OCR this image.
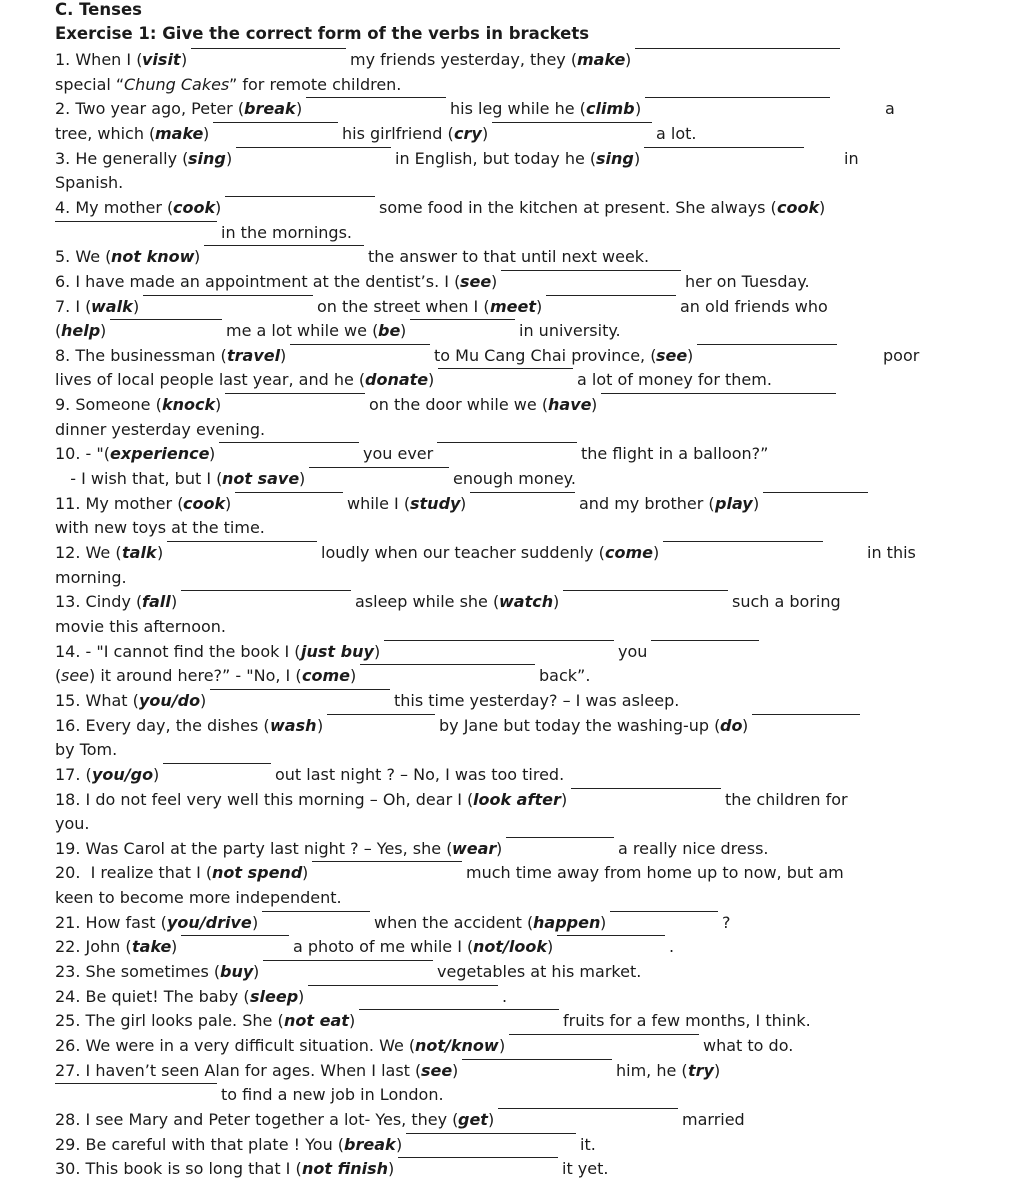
C. Tenses
Exercise 1: Give the correct form of the verbs in brackets
1. When I ( visit )	my friends yesterday, they ( make )
special “ Chung Cakes ” for remote children.
2. Two year ago, Peter ( break )	his leg while he ( climb )	a
tree, which ( make )	his girlfriend ( cry )	a lot.
3. He generally ( sing )	in English, but today he ( sing )	in
Spanish.
4. My mother ( cook )	some food in the kitchen at present. She always ( cook )
in the mornings.
5. We ( not know )	the answer to that until next week.
6. I have made an appointment at the dentist’s. I ( see )	her on Tuesday.
7. I ( walk )	on the street when I ( meet )	an old friends who
( help )	me a lot while we ( be )	in university.
8. The businessman ( travel )	to Mu Cang Chai province, ( see )	poor
lives of local people last year, and he ( donate )	a lot of money for them.
9. Someone ( knock )	on the door while we ( have )
dinner yesterday evening.
10. - "( experience )	you ever	the flight in a balloon?”
- I wish that, but I ( not save )	enough money.
11. My mother ( cook )	while I ( study )	and my brother ( play )
with new toys at the time.
12. We ( talk )	loudly when our teacher suddenly ( come )	in this
morning.
13. Cindy ( fall )	asleep while she ( watch )	such a boring
movie this afternoon.
14. - "I cannot find the book I ( just buy )	you
( see ) it around here?” - "No, I ( come )	back”.
15. What ( you/do )	this time yesterday? – I was asleep.
16. Every day, the dishes ( wash )	by Jane but today the washing-up ( do )
by Tom.
17. ( you/go )	out last night ? – No, I was too tired.
18. I do not feel very well this morning – Oh, dear I ( look after )	the children for
you.
19. Was Carol at the party last night ? – Yes, she ( wear )	a really nice dress.
20.  I realize that I ( not spend )	much time away from home up to now, but am
keen to become more independent.
21. How fast ( you/drive )	when the accident ( happen )	?
22. John ( take )	a photo of me while I ( not/look )	.
23. She sometimes ( buy )	vegetables at his market.
24. Be quiet! The baby ( sleep )	.
25. The girl looks pale. She ( not eat )	fruits for a few months, I think.
26. We were in a very difficult situation. We ( not/know )	what to do.
27. I haven’t seen Alan for ages. When I last ( see )	him, he ( try )
to find a new job in London.
28. I see Mary and Peter together a lot- Yes, they ( get )	married
29. Be careful with that plate ! You ( break )	it.
30. This book is so long that I ( not finish )	it yet.
